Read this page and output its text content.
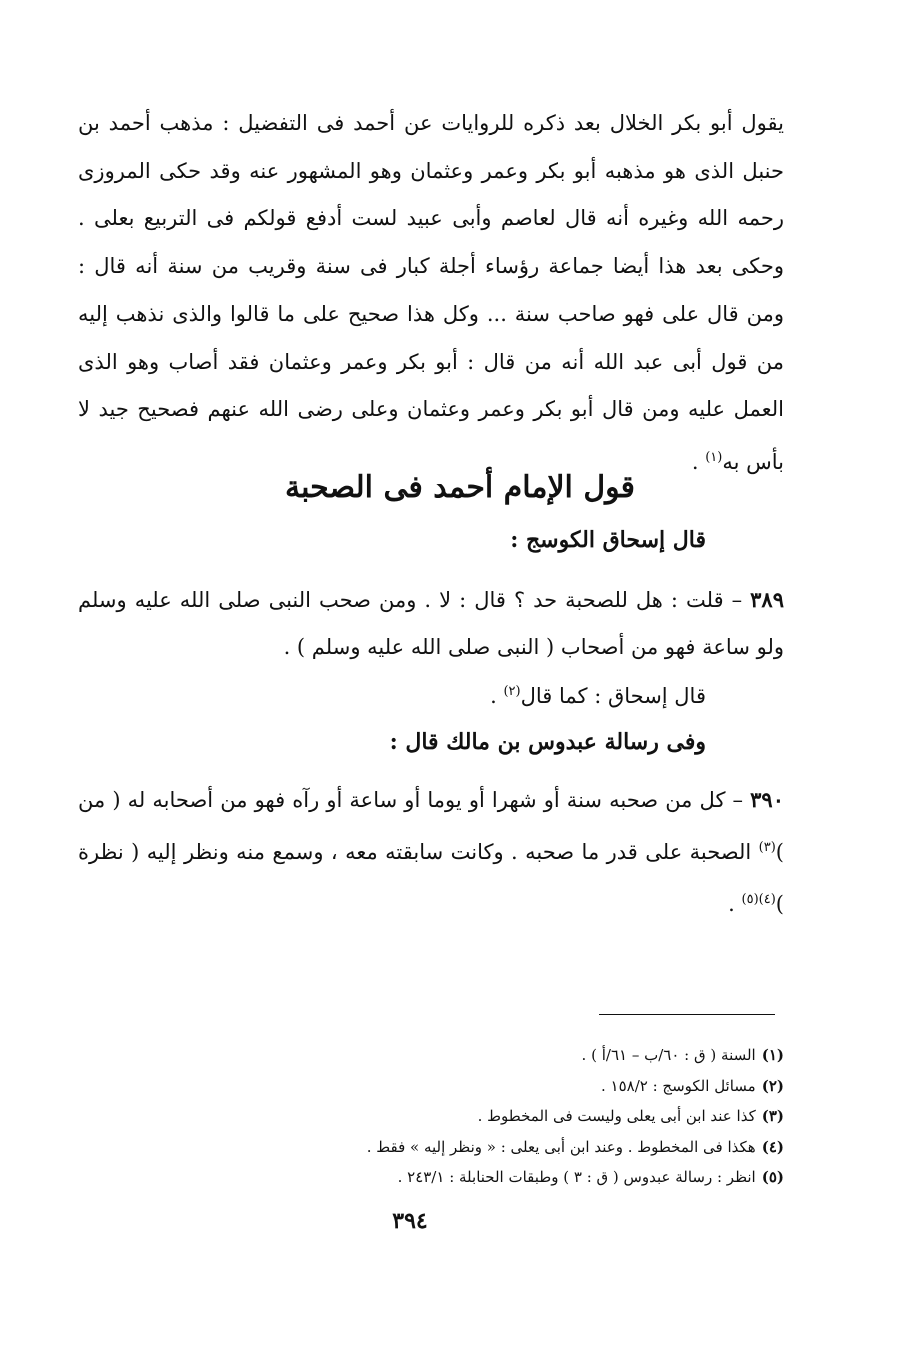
يقول أبو بكر الخلال بعد ذكره للروايات عن أحمد فى التفضيل : مذهب أحمد بن حنبل الذى هو مذهبه أبو بكر وعمر وعثمان وهو المشهور عنه وقد حكى المروزى رحمه الله وغيره أنه قال لعاصم وأبى عبيد لست أدفع قولكم فى التربيع بعلى . وحكى بعد هذا أيضا جماعة رؤساء أجلة كبار فى سنة وقريب من سنة أنه قال : ومن قال على فهو صاحب سنة ... وكل هذا صحيح على ما قالوا والذى نذهب إليه من قول أبى عبد الله أنه من قال : أبو بكر وعمر وعثمان فقد أصاب وهو الذى العمل عليه ومن قال أبو بكر وعمر وعثمان وعلى رضى الله عنهم فصحيح جيد لا بأس به$^{(١)}$ .
قول الإمام أحمد فى الصحبة
قال إسحاق الكوسج :
٣٨٩ – قلت : هل للصحبة حد ؟ قال : لا . ومن صحب النبى صلى الله عليه وسلم ولو ساعة فهو من أصحاب ( النبى صلى الله عليه وسلم ) .
قال إسحاق : كما قال$^{(٢)}$ .
وفى رسالة عبدوس بن مالك قال :
٣٩٠ – كل من صحبه سنة أو شهرا أو يوما أو ساعة أو رآه فهو من أصحابه له ( من )$^{(٣)}$ الصحبة على قدر ما صحبه . وكانت سابقته معه ، وسمع منه ونظر إليه ( نظرة )$^{(٤)(٥)}$ .
(١)السنة ( ق : ٦٠/ب – ٦١/أ ) .
(٢)مسائل الكوسج : ١٥٨/٢ .
(٣)كذا عند ابن أبى يعلى وليست فى المخطوط .
(٤)هكذا فى المخطوط . وعند ابن أبى يعلى : « ونظر إليه » فقط .
(٥)انظر : رسالة عبدوس ( ق : ٣ ) وطبقات الحنابلة : ٢٤٣/١ .
٣٩٤
